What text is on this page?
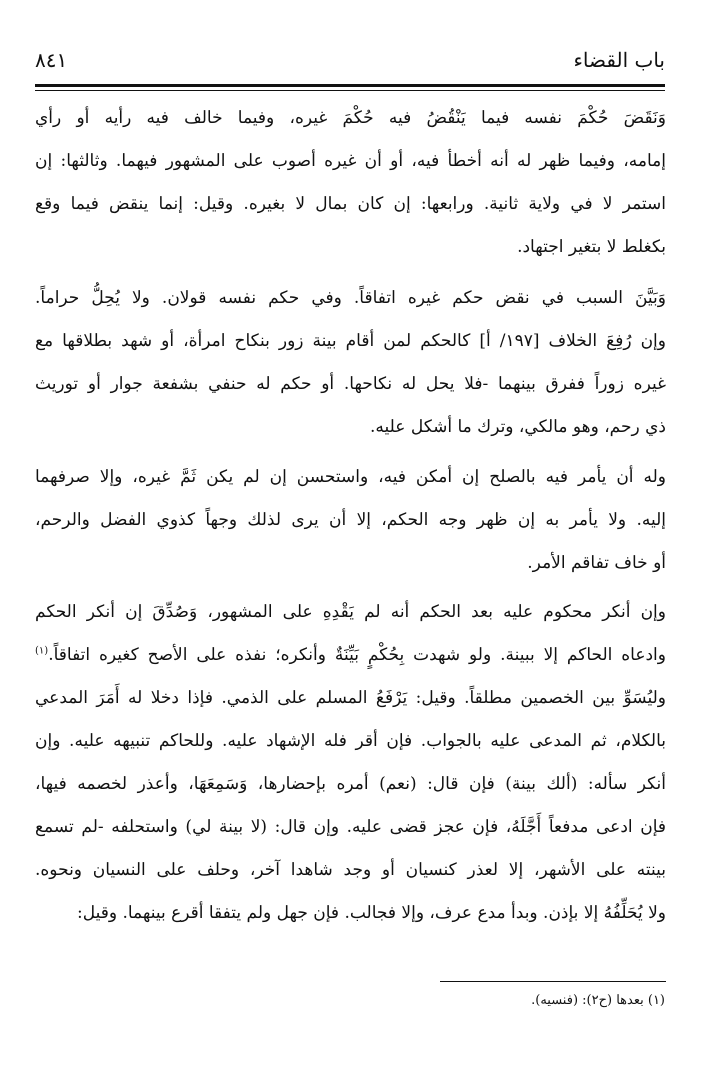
باب القضاء
٨٤١
وَنَقَضَ حُكْمَ نفسه فيما يَنْقُضُ فيه حُكْمَ غيره، وفيما خالف فيه رأيه أو رأي
إمامه، وفيما ظهر له أنه أخطأ فيه، أو أن غيره أصوب على المشهور فيهما. وثالثها: إن
استمر لا في ولاية ثانية. ورابعها: إن كان بمال لا بغيره. وقيل: إنما ينقض فيما وقع
بكغلط لا بتغير اجتهاد.
وَبَيَّنَ السبب في نقض حكم غيره اتفاقاً. وفي حكم نفسه قولان. ولا يُحِلُّ حراماً.
وإن رُفِعَ الخلاف [١٩٧/ أ] كالحكم لمن أقام بينة زور بنكاح امرأة، أو شهد بطلاقها مع
غيره زوراً ففرق بينهما -فلا يحل له نكاحها. أو حكم له حنفي بشفعة جوار أو توريث
ذي رحم، وهو مالكي، وترك ما أشكل عليه.
وله أن يأمر فيه بالصلح إن أمكن فيه، واستحسن إن لم يكن ثَمَّ غيره، وإلا صرفهما
إليه. ولا يأمر به إن ظهر وجه الحكم، إلا أن يرى لذلك وجهاً كذوي الفضل والرحم،
أو خاف تفاقم الأمر.
وإن أنكر محكوم عليه بعد الحكم أنه لم يَقْدِهِ على المشهور، وَصُدِّقَ إن أنكر الحكم
وادعاه الحاكم إلا ببينة. ولو شهدت بِحُكْمٍ بَيِّنَةٌ وأنكره؛ نفذه على الأصح كغيره اتفاقاً.$^{(١)}$
وليُسَوِّ بين الخصمين مطلقاً. وقيل: يَرْفَعُ المسلم على الذمي. فإذا دخلا له أَمَرَ المدعي
بالكلام، ثم المدعى عليه بالجواب. فإن أقر فله الإشهاد عليه. وللحاكم تنبيهه عليه. وإن
أنكر سأله: (ألك بينة) فإن قال: (نعم) أمره بإحضارها، وَسَمِعَهَا، وأعذر لخصمه فيها،
فإن ادعى مدفعاً أَجَّلَهُ، فإن عجز قضى عليه. وإن قال: (لا بينة لي) واستحلفه -لم تسمع
بينته على الأشهر، إلا لعذر كنسيان أو وجد شاهدا آخر، وحلف على النسيان ونحوه.
ولا يُحَلِّفُهُ إلا بإذن. وبدأ مدع عرف، وإلا فجالب. فإن جهل ولم يتفقا أقرع بينهما. وقيل:
(١) بعدها (ح٢): (فنسيه).
